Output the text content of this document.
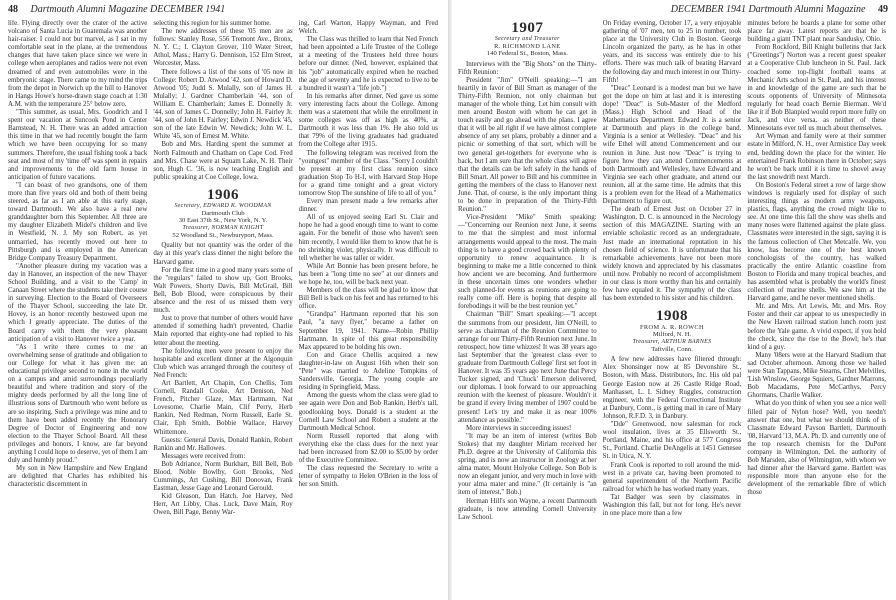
48 Dartmouth Alumni Magazine DECEMBER 1941

life. Flying directly over the crater of the active volcano of Santa Lucia in Guatemala was another hair-raiser. I could not but marvel, as I sat in my comfortable seat in the plane, at the tremendous changes that have taken place since we were in college when aeroplanes and radios were not even dreamed of and even automobiles were in the embryonic stage. There came to my mind the trips from the depot in Norwich up the hill to Hanover in Hangs Howe's horse-drawn stage coach at 1:30 A.M. with the temperature 25° below zero.

"This summer, as usual, Mrs. Goodrich and I spent our vacation at Suncook Pond in Center Barnstead, N. H. There was an added attraction this time in that we had recently bought the farm which we have been occupying for so many summers. Therefore, the usual fishing took a back seat and most of my 'time off' was spent in repairs and improvements to the old farm house in anticipation of future vacations.

"I can boast of two grandsons, one of them more than five years old and both of them being steered, as far as I am able at this early stage, toward Dartmouth. We also have a real new granddaughter born this September. All three are my daughter Elizabeth Midel's children and live in Westfield, N. J. My son Robert, as yet unmarried, has recently moved out here to Pittsburgh and is employed in the American Bridge Company Treasury Department.

"Another pleasure during my vacation was a day in Hanover, an inspection of the new Thayer School Building, and a visit to the 'Camp' in Canaan Street where the students take their course in surveying. Election to the Board of Overseers of the Thayer School, succeeding the late Dr. Hovey, is an honor recently bestowed upon me which I greatly appreciate. The duties of the Board carry with them the very pleasant anticipation of a visit to Hanover twice a year.

"As I write there comes to me an overwhelming sense of gratitude and obligation to our College for what it has given me: an educational privilege second to none in the world on a campus and amid surroundings peculiarly beautiful and where tradition and story of the mighty deeds performed by all the long line of illustrious sons of Dartmouth who went before us are so inspiring. Such a privilege was mine and to them have been added recently the Honorary Degree of Doctor of Engineering and now election to the Thayer School Board. All these privileges and honors, I know, are far beyond anything I could hope to deserve, yet of them I am duly and humbly proud."

My son in New Hampshire and New England are delighted that Charles has exhibited his characteristic discernment in

selecting this region for his summer home.

The new addresses of these '05 men are as follows: Stanley Rose, 556 Tremont Ave., Bronx, N. Y. C.; I. Clayton Grover, 110 Water Street, Athol, Mass.; Harry G. Dennison, 152 Elm Street, Worcester, Mass.

There follows a list of the sons of '05 now in College: Robert D. Atwood '42, son of Howard D. Atwood '05; Judd S. Mulally, son of James H. Mulally; J. Gardner Chamberlain '44, son of William E. Chamberlain; James E. Donnelly Jr. '44, son of James C. Donnelly; John H. Fairley Jr. '44, son of John H. Fairley; Edwin J. Newdick '45, son of the late Edwin W. Newdick; John W. L. White '45, son of Ernest M. White.

Bob and Mrs. Harding spent the summer at North Falmouth and Chatham on Cape Cod. Fred and Mrs. Chase were at Squam Lake, N. H. Their son, Hugh C. '36, is now teaching English and public speaking at Coe College, Iowa.

1906
Secretary, EDWARD K. WOODMAN
Dartmouth Club
30 East 37th St., New York, N. Y.
Treasurer, NORMAN KNIGHT
52 Woodland St., Newburyport, Mass.

Quality but not quantity was the order of the day at this year's class dinner the night before the Harvard game.

For the first time in a good many years some of the "regulars" failed to show up, Gott Brooks, Walt Powers, Shorty Davis, Bill McGrail, Bill Bell, Bob Blood, were conspicuous by their absence and the rest of us missed them very much.

Just to prove that number of others would have attended if something hadn't prevented, Charlie Main reported that eighty-one had replied to his letter about the meeting.

The following men were present to enjoy the hospitable and excellent dinner at the Algonquin Club which was arranged through the courtesy of Ned French:

Art Bartlett, Art Chapin, Con Chellis, Tom Cornell, Randall Cooke, Art Denison, Ned French, Pitcher Glaze, Max Hartmann, Nat Lovesome, Charlie Main, Clif Perry, Herb Rankin, Ned Redman, Norm Russell, Earle St. Clair, Eph Smith, Bobbie Wallace, Harvey Whittemore.

Guests: General Davis, Donald Rankin, Robert Rankin and Mr. Hallowes.

Messages were received from:

Bob Adriance, Norm Burkhart, Bill Bell, Bob Blood, Noble Bowlby, Gott Brooks, Ned Cummings, Art Cushing, Bill Donovan, Frank Eastman, Jesse Gage and Leonard Gerould.

Kid Gleason, Dan Hatch, Joe Harvey, Ned Herr, Art Libby, Chas. Luck, Dave Main, Roy Owen, Bill Page, Benny War-

ing, Carl Warton, Happy Wayman, and Fred Welch.

The Class was thrilled to learn that Ned French had been appointed a Life Trustee of the College at a meeting of the Trustees held three hours before our dinner. (Ned, however, explained that his "job" automatically expired when he reached the age of seventy and he is expected to live to be a hundred it wasn't a "life job.")

In his remarks after dinner, Ned gave us some very interesting facts about the College. Among them was a statement that while the enrollment in some colleges was off as high as 40%, at Dartmouth it was less than 1%. He also told us that 79% of the living graduates had graduated from the College after 1915.

The following telegram was received from the "youngest" member of the Class. "Sorry I couldn't be present at my first class reunion since graduation Stop To H-I, with Harvard Stop Hope for a grand time tonight and a great victory tomorrow Stop The sunshine of life to all of you."

Every man present made a few remarks after dinner.

All of us enjoyed seeing Earl St. Clair and hope he had a good enough time to want to come again. For the benefit of those who haven't seen him recently, I would like them to know that he is no shrinking violet, physically. It was difficult to tell whether he was taller or wider.

While Art Bonnie has been present before, he has been a "long time no see" at our dinners and we hope he, too, will be back next year.

Members of the class will be glad to know that Bill Bell is back on his feet and has returned to his office.

"Grandpa" Hartmann reported that his son Paul, "a navy flyer," became a father on September 19, 1941. Name—Robin Phillip Hartmann. In spite of this great responsibility Max appeared to be holding his own.

Con and Grace Chellis acquired a new daughter-in-law on August 16th when their son "Pete" was married to Adeline Tompkins of Sandersville, Georgia. The young couple are residing in Springfield, Mass.

Among the guests whom the class were glad to see again were Don and Bob Rankin, Herb's tall, goodlooking boys. Donald is a student at the Cornell Law School and Robert a student at the Dartmouth Medical School.

Norm Russell reported that along with everything else the class dues for the next year had been increased from $2.00 to $5.00 by order of the Executive Committee.

The class requested the Secretary to write a letter of sympathy to Helen O'Brien in the loss of her son Smith.

DECEMBER 1941 Dartmouth Alumni Magazine 49
1907
Secretary and Treasurer
R. RICHMOND LANE
140 Federal St., Boston, Mass.

Interviews with the "Big Shots" on the Thirty-Fifth Reunion:

President "Jim" O'Neill speaking:—"I am heartily in favor of Bill Smart as manager of the Thirty-Fifth Reunion, not only chairman but manager of the whole thing. Let him consult with men around Boston with whom he can get in touch easily and go ahead with the plans. I agree that it will be all right if we have almost complete absence of any set plans, probably a dinner and a picnic or something of that sort, which will be two general get-togethers for everyone who is back, but I am sure that the whole class will agree that the details can be left safely in the hands of Bill Smart. All power to Bill and his committee in getting the members of the class to Hanover next June. That, of course, is the only important thing to be done in preparation of the Thirty-Fifth Reunion."

Vice-President "Mike" Smith speaking:—"Concerning our Reunion next June, it seems to me that the simplest and most informal arrangements would appeal to the most. The main thing is to have a good crowd back with plenty of opportunity to renew acquaintance. It is beginning to make me a little concerned to think how ancient we are becoming. And furthermore in these uncertain times one wonders whether such planned-for events as reunions are going to really come off. Here is hoping that despite all forebodings it will be the best reunion yet."

Chairman "Bill" Smart speaking:—"I accept the summons from our president, Jim O'Neill, to serve as chairman of the Reunion Committee to arrange for our Thirty-Fifth Reunion next June. In retrospect, how time whizzes! It was 38 years ago last September that the 'greatest class ever to graduate from Dartmouth College' first set foot in Hanover. It was 35 years ago next June that Percy Tucker signed, and 'Chuck' Emerson delivered, our diplomas. I look forward to our approaching reunion with the keenest of pleasure. Wouldn't it be grand if every living member of 1907 could be present! Let's try and make it as near 100% attendance as possible."

More interviews in succeeding issues!

"It may be an item of interest (writes Bob Stokes) that my daughter Miriam received her Ph.D. degree at the University of California this spring, and is now an instructor in Zoology at her alma mater, Mount Holyoke College. Son Bob is now an elegant junior, and very much in love with your alma mater and mine." (It certainly is "an item of interest," Bob.)

Herman Hill's son Wayne, a recent Dartmouth graduate, is now attending Cornell University Law School.

On Friday evening, October 17, a very enjoyable gathering of '07 men, ten to 25 in number, took place at the University Club in Boston. George Lincoln organized the party, as he has in other years, and its success was entirely due to his efforts. There was much talk of beating Harvard the following day and much interest in our Thirty-Fifth!

"Deac" Leonard is a modest man but we have got the dope on him at last and it is interesting dope! "Deac" is Sub-Master of the Medford (Mass.) High School and Head of the Mathematics Department. Edward Jr. is a senior at Dartmouth and plays in the college band. Virginia is a senior at Wellesley. "Deac" and his wife Ethel will attend Commencement and our reunion in June. Just now "Deac" is trying to figure how they can attend Commencements at both Dartmouth and Wellesley, have Edward and Virginia see each other graduate, and attend our reunion, all at the same time. He admits that this is a problem even for the Head of a Mathematics Department to figure out.

The death of Ernest Just on October 27 in Washington, D. C. is announced in the Necrology section of this MAGAZINE. Starting with an enviable scholastic record as an undergraduate, Just made an international reputation in his chosen field of science. It is unfortunate that his remarkable achievements have not been more widely known and appreciated by his classmates until now. Probably no record of accomplishment in our class is more worthy than his and certainly few have equaled it. The sympathy of the class has been extended to his sister and his children.

1908
FROM A. R. ROWCH
Milford, N. H.
Treasurer, ARTHUR BARNES
Taftville, Conn.

A few new addresses have filtered through: Alex Shonsinger now at 85 Devonshire St., Boston, with Mass. Distributors, Inc. His old pal George Easton now at 26 Castle Ridge Road, Manhasset, L. I. Sidney Ruggles, construction engineer, with the Federal Correctional Institute at Danbury, Conn., is getting mail in care of Mary Johnson, R.F.D. 3, in Danbury.

"Dde" Greenwood, now salesman for rock wool insulation, lives at 35 Ellsworth St., Portland, Maine, and his office at 577 Congress St., Portland. Charlie DeAngelis at 1451 Genesee St. in Utica, N. Y.

Frank Cook is reported to roll around the mid-west in a private car, having been promoted to general superintendent of the Northern Pacific railroad for which he has worked many years.

Tat Badger was seen by classmates in Washington this fall, but not for long. He's never in one place more than a few

minutes before he boards a plane for some other place far away. Latest reports are that he is building a giant TNT plant near Sandusky, Ohio.

From Rockford, Bill Knight bulletins that Jack ("Greetings") Norton was a recent guest speaker at a Cooperative Club luncheon in St. Paul. Jack coached some top-flight football teams at Mechanic Arts school in St. Paul, and his interest in and knowledge of the game are such that he scouts opponents of University of Minnesota regularly for head coach Bernie Bierman. We'd like it if Bob Blanpied would report more fully on Jack, and vice versa, as neither of these Minnesotans ever tell us much about themselves.

Art Wyman and family were at their summer estate in Milford, N. H., over Armistice Day week end, bedding down the place for the winter. He entertained Frank Robinson there in October; says he won't be back until it is time to shovel away the last snowdrift next March.

On Boston's Federal street a row of large show windows is regularly used for display of such interesting things as modern army weapons, plastics, flags, anything the crowd might like to see. At one time this fall the show was shells and many noses were flattened against the plate glass. Classmates were interested in the sign, saying it is the famous collection of Chet Metcalfe. We, you know, has become one of the best known conchologists of the country, has walked practically the entire Atlantic coastline from Boston to Florida and many tropical beaches, and has assembled what is probably the world's finest collection of marine shells. We saw him at the Harvard game, and he never mentioned shells.

Mr. and Mrs. Art Lewis, Mr. and Mrs. Roy Foster and their car appear to us unexpectedly in the New Haven railroad station lunch room just before the Yale game. A vivid expect, if you hold the check, since the rise to the Bowl; he's that kind of a guy.

Many '08ers were at the Harvard Stadium that sad October afternoon. Among those we hailed were Stan Tappans, Mike Stearns, Chet Melvilles, 'Lish Winslow, George Squiers, Gardner Marrons, Bob Macadams, Pete McCarthys, Percy Ghormans, Charlie Walker.

What do you think of when you see a nice well filled pair of Nylon hose? Well, you needn't answer that one, but what we should think of is Classmate Edward Payson Bartlett, Dartmouth '08, Harvard '13, M.A. Ph. D. and currently one of the top research chemists for the DuPont company in Wilmington, Del. the authority of Bob Marsden, also of Wilmington, with whom we had dinner after the Harvard game. Bartlett was responsible more than anyone else for the development of the remarkable fibre of which those
